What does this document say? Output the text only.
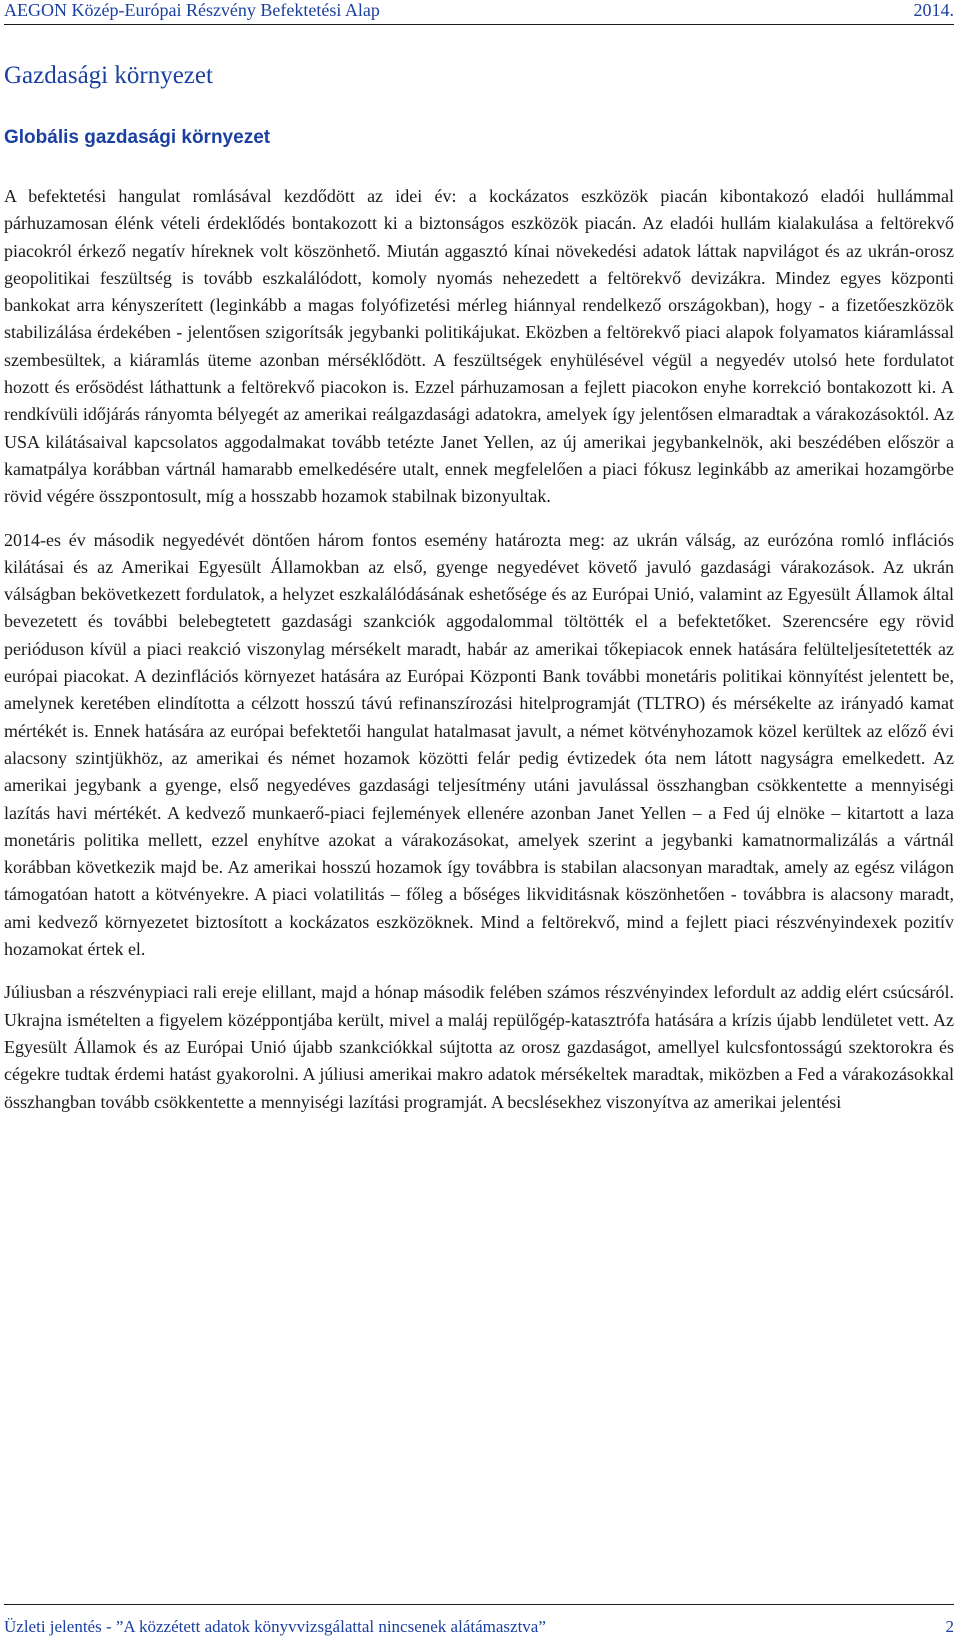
AEGON Közép-Európai Részvény Befektetési Alap	2014.
Gazdasági környezet
Globális gazdasági környezet

A befektetési hangulat romlásával kezdődött az idei év: a kockázatos eszközök piacán kibontakozó eladói hullámmal párhuzamosan élénk vételi érdeklődés bontakozott ki a biztonságos eszközök piacán. Az eladói hullám kialakulása a feltörekvő piacokról érkező negatív híreknek volt köszönhető. Miután aggasztó kínai növekedési adatok láttak napvilágot és az ukrán-orosz geopolitikai feszültség is tovább eszkalálódott, komoly nyomás nehezedett a feltörekvő devizákra. Mindez egyes központi bankokat arra kényszerített (leginkább a magas folyófizetési mérleg hiánnyal rendelkező országokban), hogy - a fizetőeszközök stabilizálása érdekében - jelentősen szigorítsák jegybanki politikájukat. Eközben a feltörekvő piaci alapok folyamatos kiáramlással szembesültek, a kiáramlás üteme azonban mérséklődött. A feszültségek enyhülésével végül a negyedév utolsó hete fordulatot hozott és erősödést láthattunk a feltörekvő piacokon is. Ezzel párhuzamosan a fejlett piacokon enyhe korrekció bontakozott ki. A rendkívüli időjárás rányomta bélyegét az amerikai reálgazdasági adatokra, amelyek így jelentősen elmaradtak a várakozásoktól. Az USA kilátásaival kapcsolatos aggodalmakat tovább tetézte Janet Yellen, az új amerikai jegybankelnök, aki beszédében először a kamatpálya korábban vártnál hamarabb emelkedésére utalt, ennek megfelelően a piaci fókusz leginkább az amerikai hozamgörbe rövid végére összpontosult, míg a hosszabb hozamok stabilnak bizonyultak.

2014-es év második negyedévét döntően három fontos esemény határozta meg: az ukrán válság, az eurózóna romló inflációs kilátásai és az Amerikai Egyesült Államokban az első, gyenge negyedévet követő javuló gazdasági várakozások. Az ukrán válságban bekövetkezett fordulatok, a helyzet eszkalálódásának eshetősége és az Európai Unió, valamint az Egyesült Államok által bevezetett és további belebegtetett gazdasági szankciók aggodalommal töltötték el a befektetőket. Szerencsére egy rövid perióduson kívül a piaci reakció viszonylag mérsékelt maradt, habár az amerikai tőkepiacok ennek hatására felülteljesítetették az európai piacokat. A dezinflációs környezet hatására az Európai Központi Bank további monetáris politikai könnyítést jelentett be, amelynek keretében elindította a célzott hosszú távú refinanszírozási hitelprogramját (TLTRO) és mérsékelte az irányadó kamat mértékét is. Ennek hatására az európai befektetői hangulat hatalmasat javult, a német kötvényhozamok közel kerültek az előző évi alacsony szintjükhöz, az amerikai és német hozamok közötti felár pedig évtizedek óta nem látott nagyságra emelkedett. Az amerikai jegybank a gyenge, első negyedéves gazdasági teljesítmény utáni javulással összhangban csökkentette a mennyiségi lazítás havi mértékét. A kedvező munkaerő-piaci fejlemények ellenére azonban Janet Yellen – a Fed új elnöke – kitartott a laza monetáris politika mellett, ezzel enyhítve azokat a várakozásokat, amelyek szerint a jegybanki kamatnormalizálás a vártnál korábban következik majd be. Az amerikai hosszú hozamok így továbbra is stabilan alacsonyan maradtak, amely az egész világon támogatóan hatott a kötvényekre. A piaci volatilitás – főleg a bőséges likviditásnak köszönhetően - továbbra is alacsony maradt, ami kedvező környezetet biztosított a kockázatos eszközöknek. Mind a feltörekvő, mind a fejlett piaci részvényindexek pozitív hozamokat értek el.

Júliusban a részvénypiaci rali ereje elillant, majd a hónap második felében számos részvényindex lefordult az addig elért csúcsáról. Ukrajna ismételten a figyelem középpontjába került, mivel a maláj repülőgép-katasztrófa hatására a krízis újabb lendületet vett. Az Egyesült Államok és az Európai Unió újabb szankciókkal sújtotta az orosz gazdaságot, amellyel kulcsfontosságú szektorokra és cégekre tudtak érdemi hatást gyakorolni. A júliusi amerikai makro adatok mérsékeltek maradtak, miközben a Fed a várakozásokkal összhangban tovább csökkentette a mennyiségi lazítási programját. A becslésekhez viszonyítva az amerikai jelentési

Üzleti jelentés - ”A közzétett adatok könyvvizsgálattal nincsenek alátámasztva”	2
